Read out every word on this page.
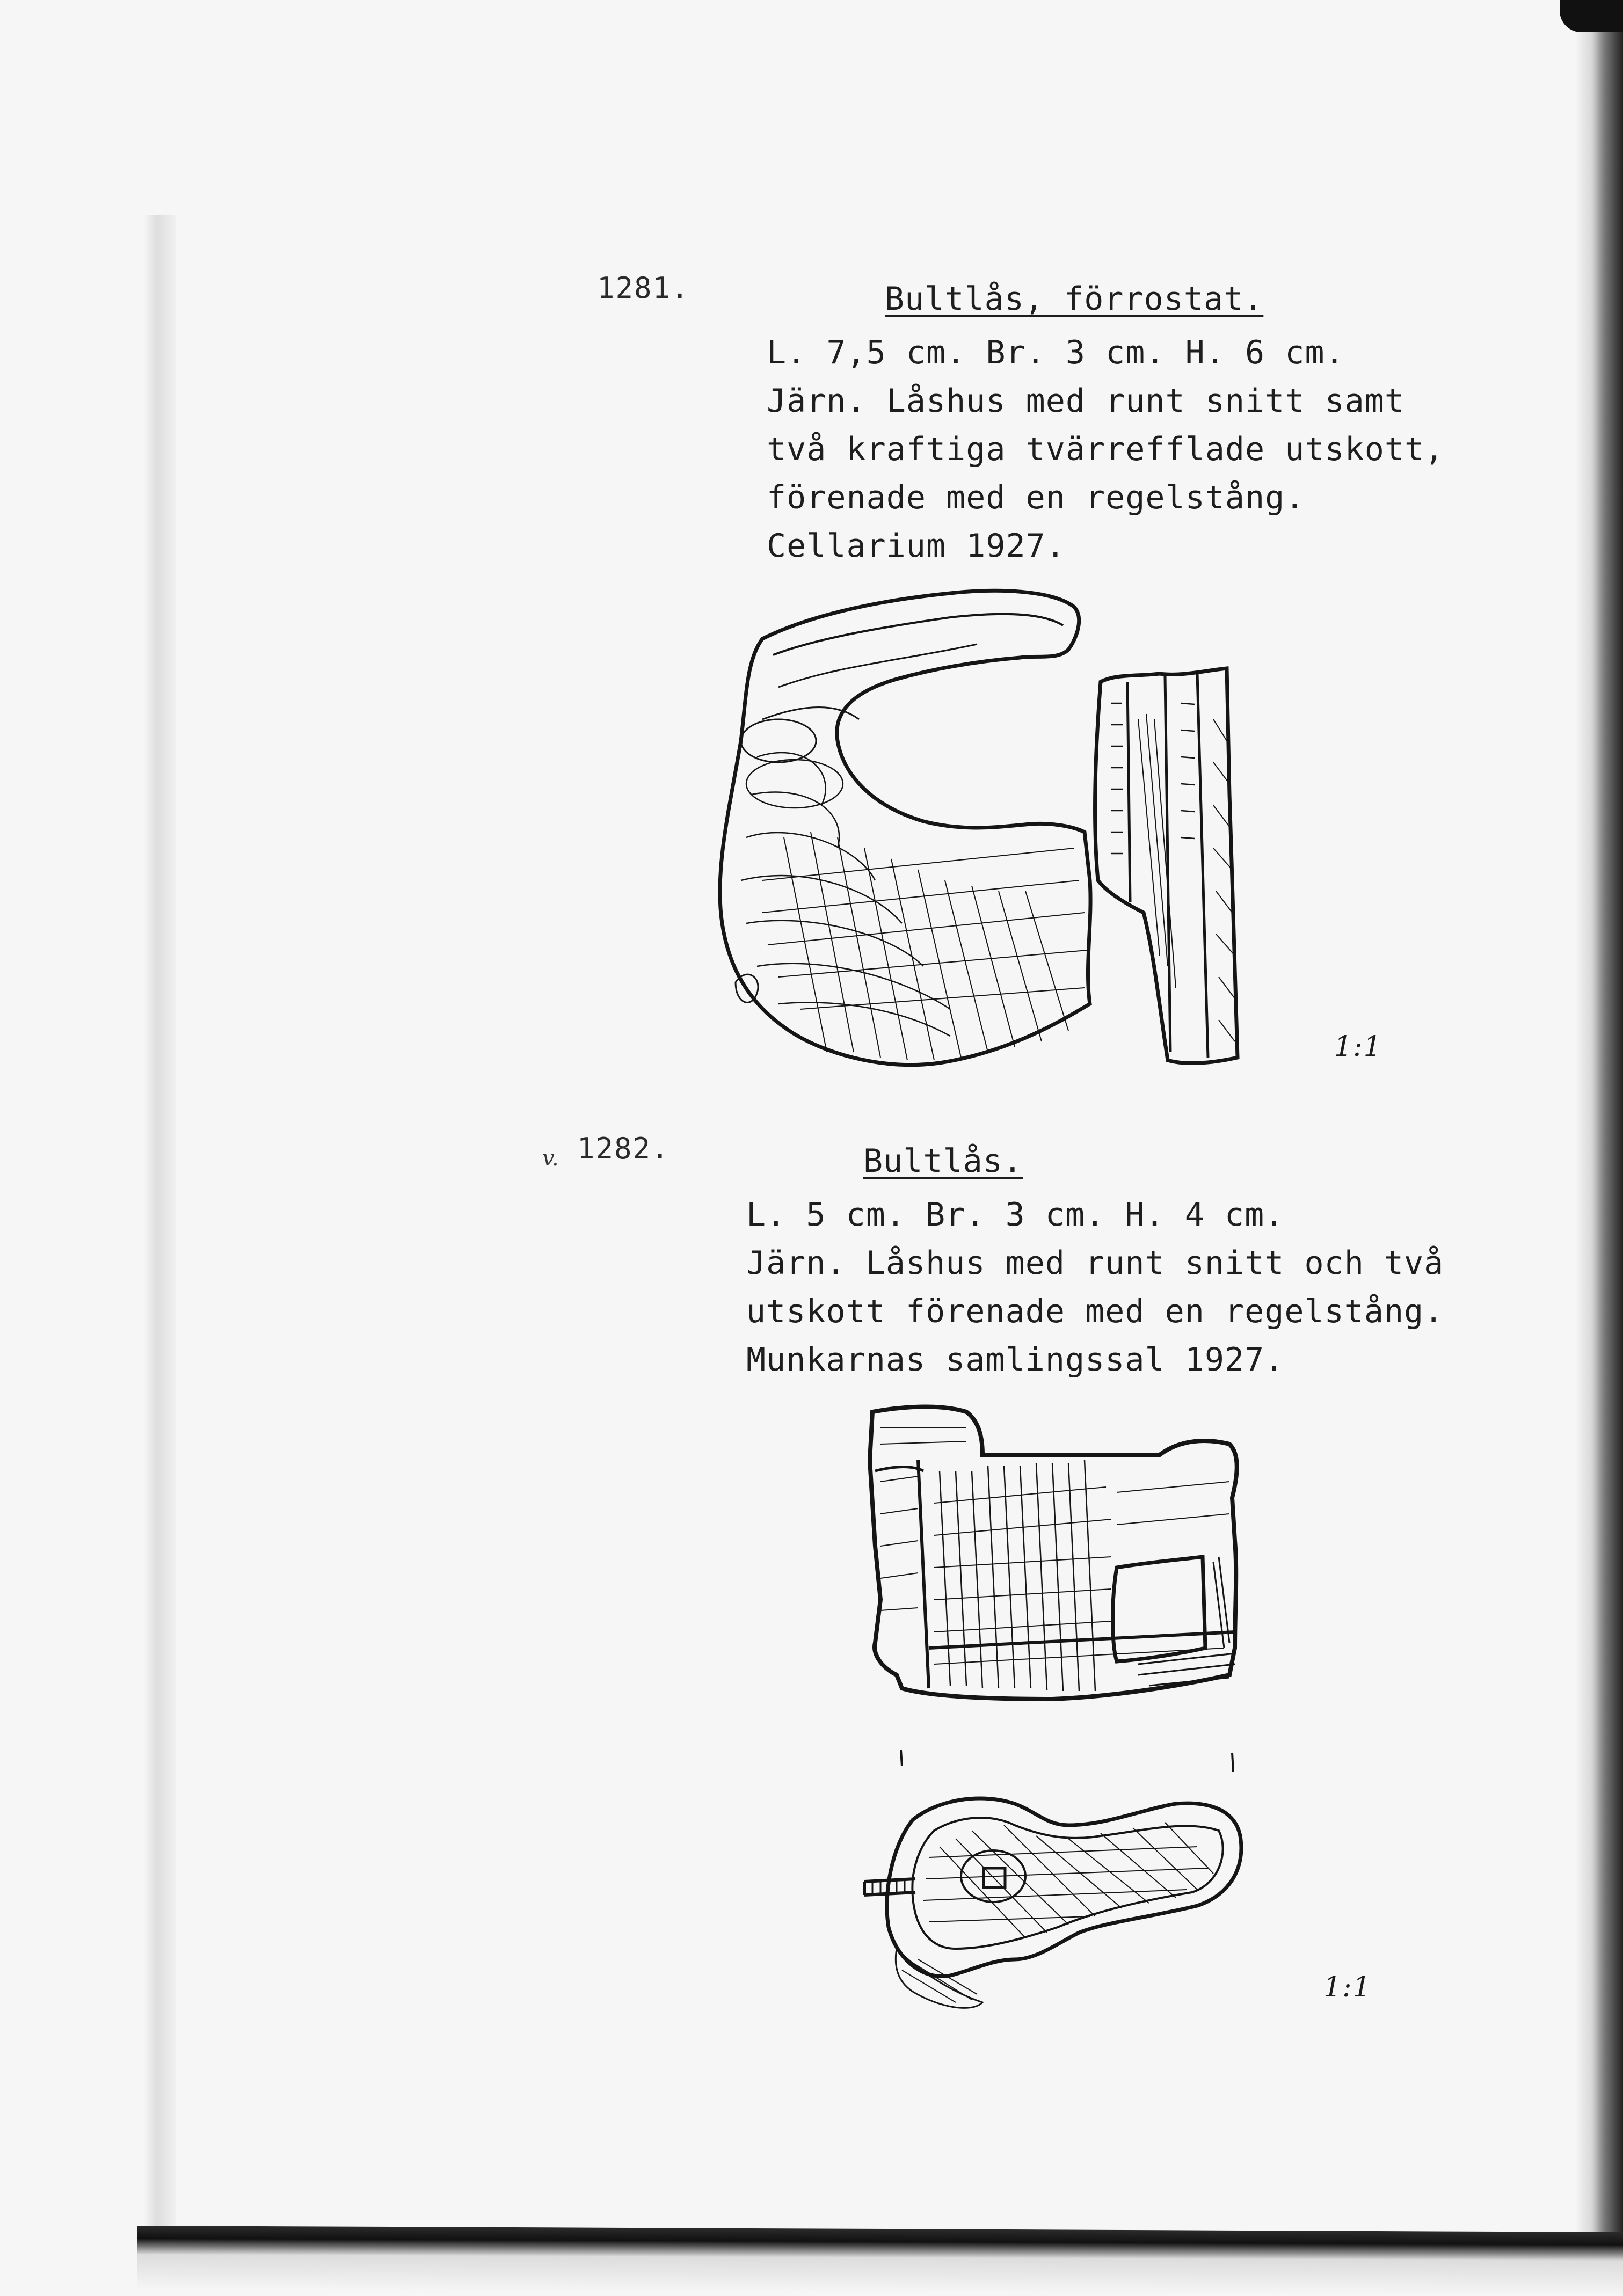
1281.	Bultlås, förrostat.
L. 7,5 cm. Br. 3 cm. H. 6 cm.
Järn. Låshus med runt snitt samt
två kraftiga tvärrefflade utskott,
förenade med en regelstång.
Cellarium 1927.
1:1
v. 1282.	Bultlås.
L. 5 cm. Br. 3 cm. H. 4 cm.
Järn. Låshus med runt snitt och två
utskott förenade med en regelstång.
Munkarnas samlingssal 1927.
1:1
